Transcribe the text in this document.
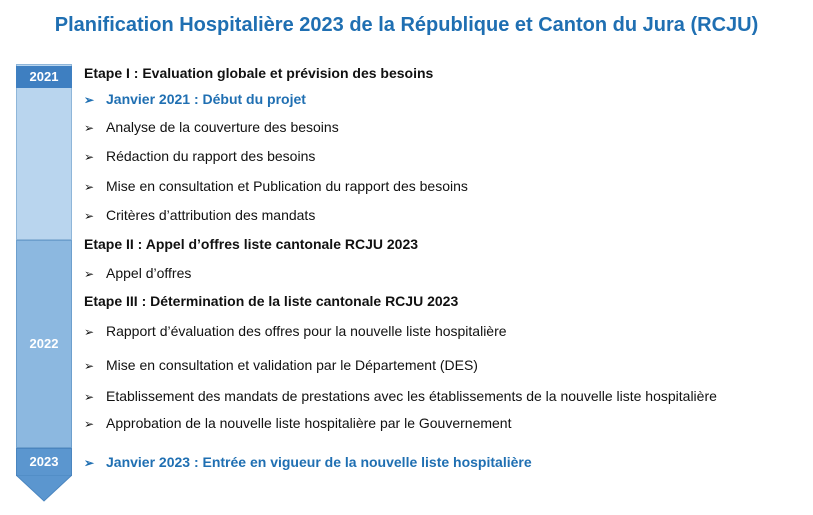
Planification Hospitalière 2023 de la République et Canton du Jura (RCJU)
2021
2022
2023
Etape I : Evaluation globale et prévision des besoins
➢ Janvier 2021 : Début du projet
➢ Analyse de la couverture des besoins
➢ Rédaction du rapport des besoins
➢ Mise en consultation et Publication du rapport des besoins
➢ Critères d’attribution des mandats
Etape II : Appel d’offres liste cantonale RCJU 2023
➢ Appel d’offres
Etape III : Détermination de la liste cantonale RCJU 2023
➢ Rapport d’évaluation des offres pour la nouvelle liste hospitalière
➢ Mise en consultation et validation par le Département (DES)
➢ Etablissement des mandats de prestations avec les établissements de la nouvelle liste hospitalière
➢ Approbation de la nouvelle liste hospitalière par le Gouvernement
➢ Janvier 2023 : Entrée en vigueur de la nouvelle liste hospitalière
